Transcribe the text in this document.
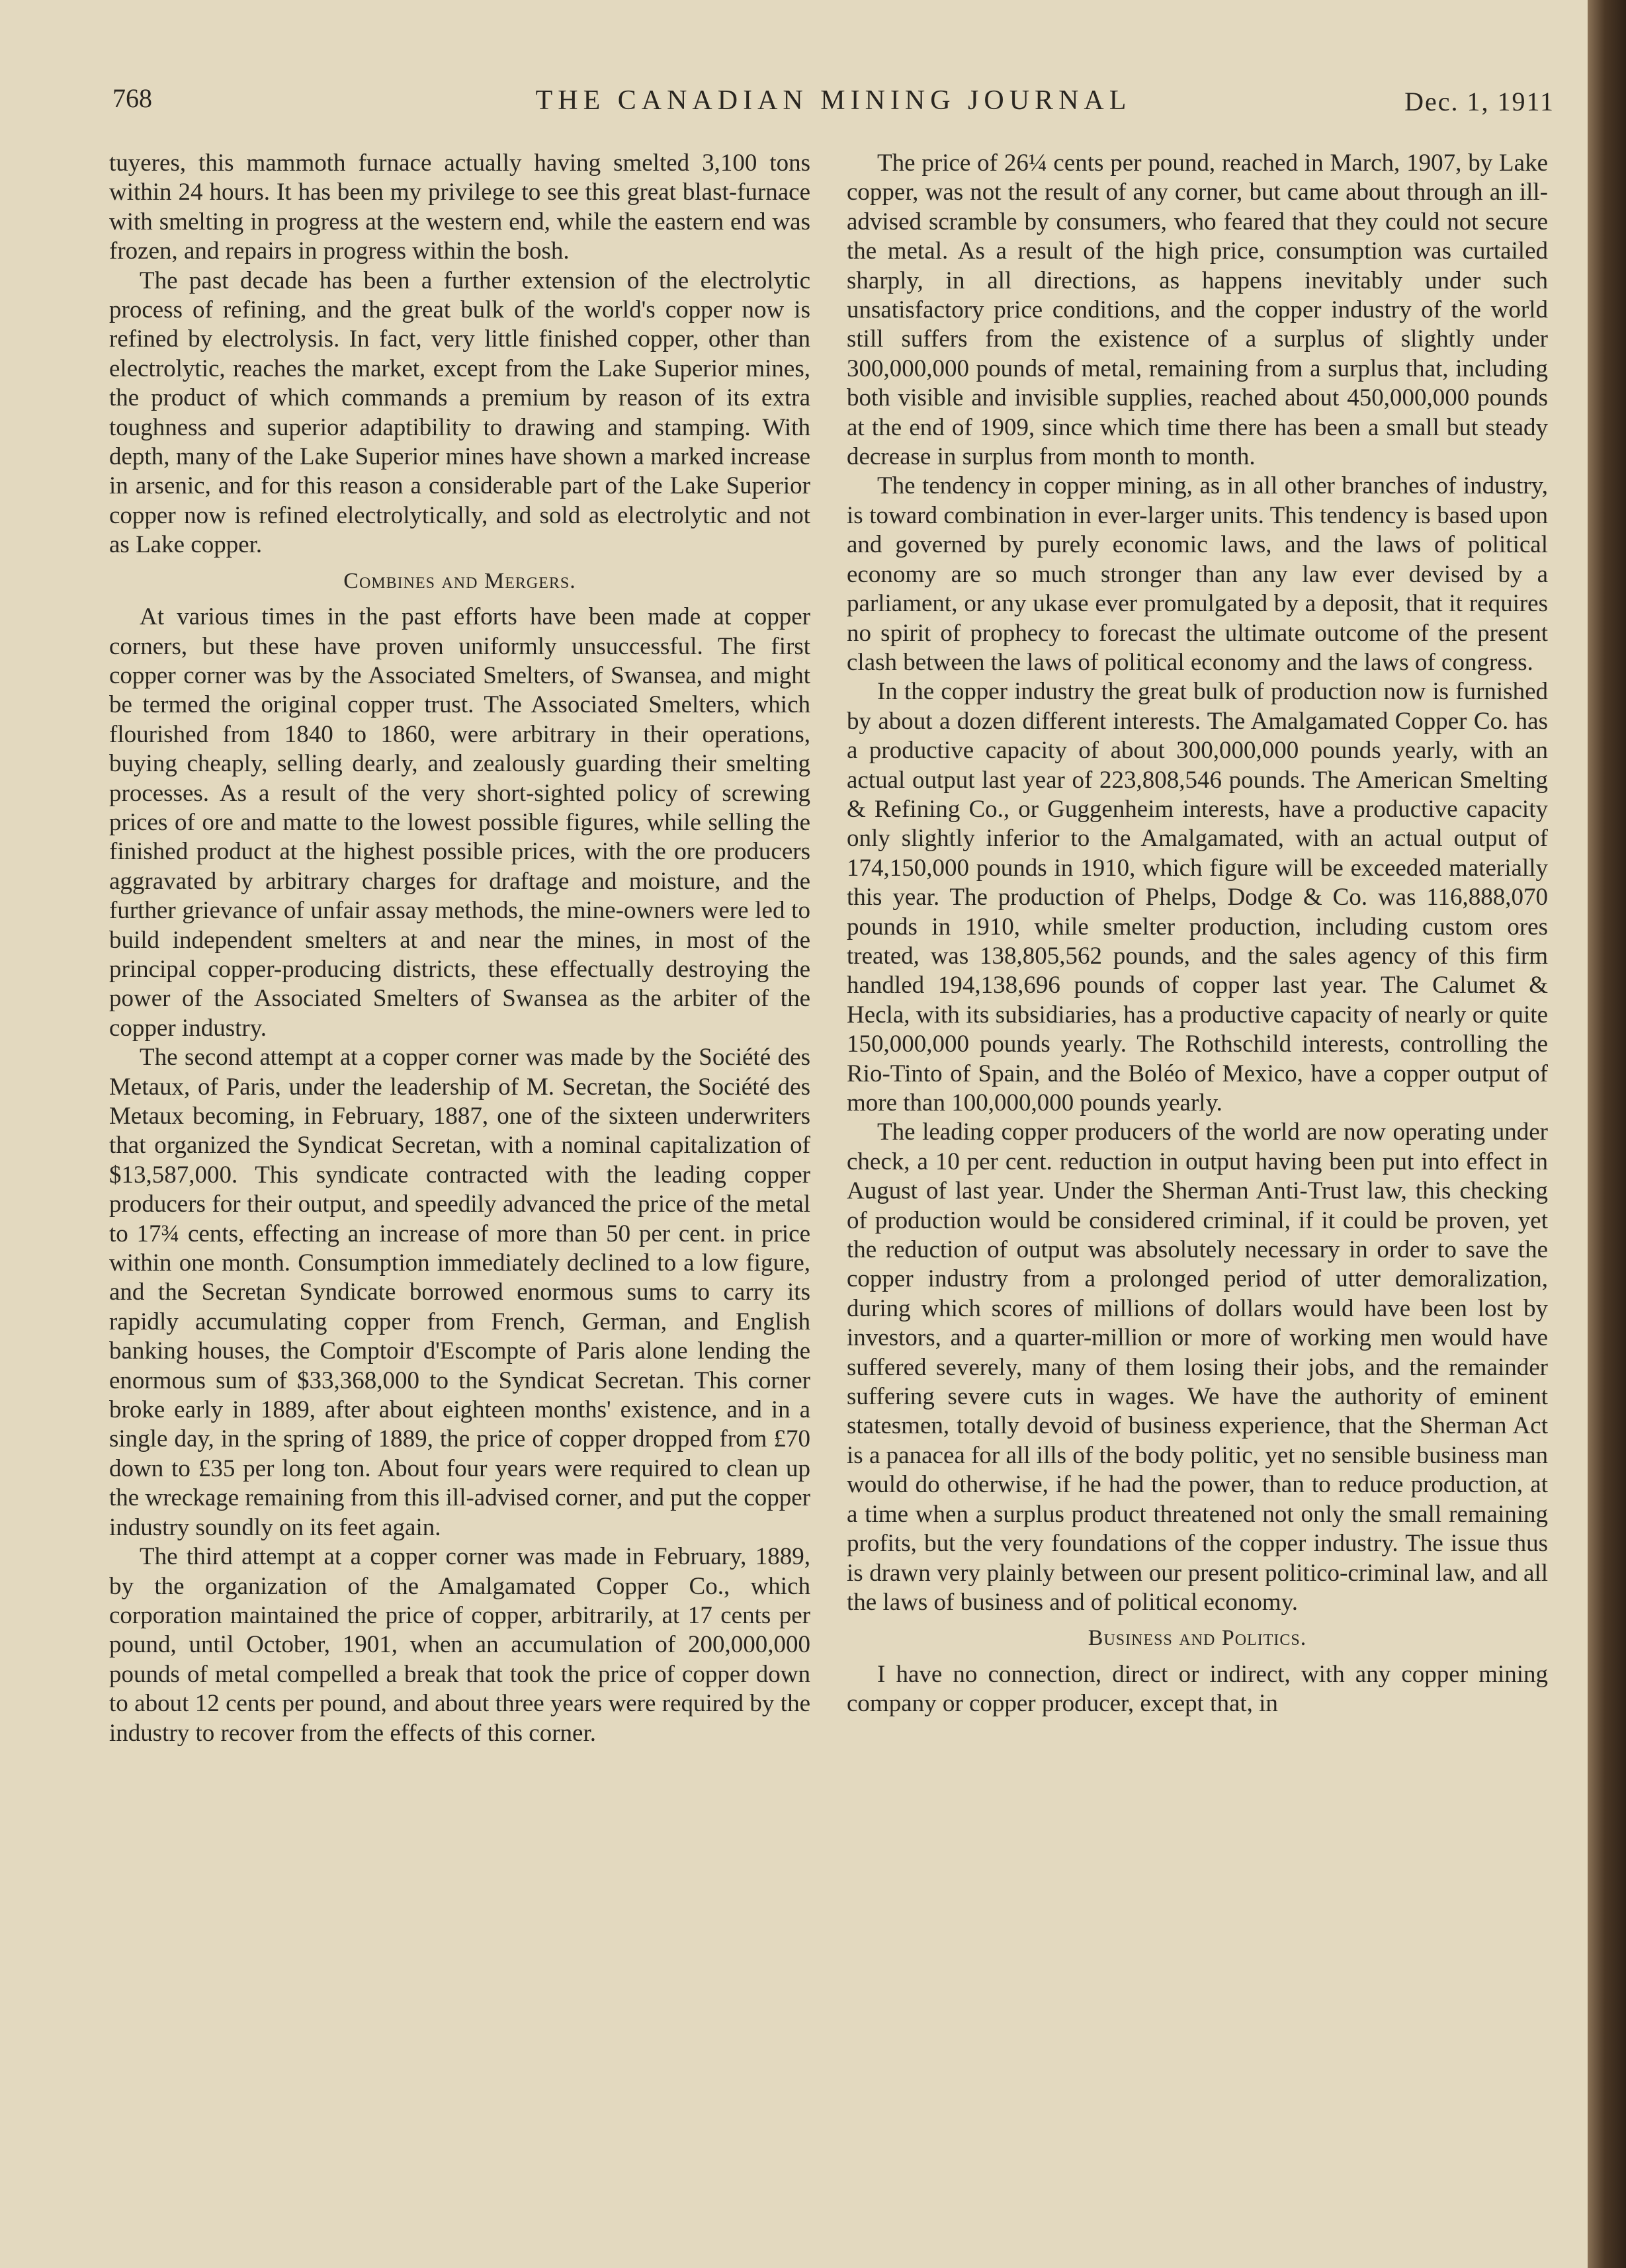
768	THE CANADIAN MINING JOURNAL	Dec. 1, 1911

tuyeres, this mammoth furnace actually having smelted 3,100 tons within 24 hours. It has been my privilege to see this great blast-furnace with smelting in progress at the western end, while the eastern end was frozen, and repairs in progress within the bosh.

The past decade has been a further extension of the electrolytic process of refining, and the great bulk of the world's copper now is refined by electrolysis. In fact, very little finished copper, other than electrolytic, reaches the market, except from the Lake Superior mines, the product of which commands a premium by reason of its extra toughness and superior adaptibility to drawing and stamping. With depth, many of the Lake Superior mines have shown a marked increase in arsenic, and for this reason a considerable part of the Lake Superior copper now is refined electrolytically, and sold as electrolytic and not as Lake copper.

Combines and Mergers.

At various times in the past efforts have been made at copper corners, but these have proven uniformly unsuccessful. The first copper corner was by the Associated Smelters, of Swansea, and might be termed the original copper trust. The Associated Smelters, which flourished from 1840 to 1860, were arbitrary in their operations, buying cheaply, selling dearly, and zealously guarding their smelting processes. As a result of the very short-sighted policy of screwing prices of ore and matte to the lowest possible figures, while selling the finished product at the highest possible prices, with the ore producers aggravated by arbitrary charges for draftage and moisture, and the further grievance of unfair assay methods, the mine-owners were led to build independent smelters at and near the mines, in most of the principal copper-producing districts, these effectually destroying the power of the Associated Smelters of Swansea as the arbiter of the copper industry.

The second attempt at a copper corner was made by the Société des Metaux, of Paris, under the leadership of M. Secretan, the Société des Metaux becoming, in February, 1887, one of the sixteen underwriters that organized the Syndicat Secretan, with a nominal capitalization of $13,587,000. This syndicate contracted with the leading copper producers for their output, and speedily advanced the price of the metal to 17¾ cents, effecting an increase of more than 50 per cent. in price within one month. Consumption immediately declined to a low figure, and the Secretan Syndicate borrowed enormous sums to carry its rapidly accumulating copper from French, German, and English banking houses, the Comptoir d'Escompte of Paris alone lending the enormous sum of $33,368,000 to the Syndicat Secretan. This corner broke early in 1889, after about eighteen months' existence, and in a single day, in the spring of 1889, the price of copper dropped from £70 down to £35 per long ton. About four years were required to clean up the wreckage remaining from this ill-advised corner, and put the copper industry soundly on its feet again.

The third attempt at a copper corner was made in February, 1889, by the organization of the Amalgamated Copper Co., which corporation maintained the price of copper, arbitrarily, at 17 cents per pound, until October, 1901, when an accumulation of 200,000,000 pounds of metal compelled a break that took the price of copper down to about 12 cents per pound, and about three years were required by the industry to recover from the effects of this corner.

The price of 26¼ cents per pound, reached in March, 1907, by Lake copper, was not the result of any corner, but came about through an ill-advised scramble by consumers, who feared that they could not secure the metal. As a result of the high price, consumption was curtailed sharply, in all directions, as happens inevitably under such unsatisfactory price conditions, and the copper industry of the world still suffers from the existence of a surplus of slightly under 300,000,000 pounds of metal, remaining from a surplus that, including both visible and invisible supplies, reached about 450,000,000 pounds at the end of 1909, since which time there has been a small but steady decrease in surplus from month to month.

The tendency in copper mining, as in all other branches of industry, is toward combination in ever-larger units. This tendency is based upon and governed by purely economic laws, and the laws of political economy are so much stronger than any law ever devised by a parliament, or any ukase ever promulgated by a deposit, that it requires no spirit of prophecy to forecast the ultimate outcome of the present clash between the laws of political economy and the laws of congress.

In the copper industry the great bulk of production now is furnished by about a dozen different interests. The Amalgamated Copper Co. has a productive capacity of about 300,000,000 pounds yearly, with an actual output last year of 223,808,546 pounds. The American Smelting & Refining Co., or Guggenheim interests, have a productive capacity only slightly inferior to the Amalgamated, with an actual output of 174,150,000 pounds in 1910, which figure will be exceeded materially this year. The production of Phelps, Dodge & Co. was 116,888,070 pounds in 1910, while smelter production, including custom ores treated, was 138,805,562 pounds, and the sales agency of this firm handled 194,138,696 pounds of copper last year. The Calumet & Hecla, with its subsidiaries, has a productive capacity of nearly or quite 150,000,000 pounds yearly. The Rothschild interests, controlling the Rio-Tinto of Spain, and the Boléo of Mexico, have a copper output of more than 100,000,000 pounds yearly.

The leading copper producers of the world are now operating under check, a 10 per cent. reduction in output having been put into effect in August of last year. Under the Sherman Anti-Trust law, this checking of production would be considered criminal, if it could be proven, yet the reduction of output was absolutely necessary in order to save the copper industry from a prolonged period of utter demoralization, during which scores of millions of dollars would have been lost by investors, and a quarter-million or more of working men would have suffered severely, many of them losing their jobs, and the remainder suffering severe cuts in wages. We have the authority of eminent statesmen, totally devoid of business experience, that the Sherman Act is a panacea for all ills of the body politic, yet no sensible business man would do otherwise, if he had the power, than to reduce production, at a time when a surplus product threatened not only the small remaining profits, but the very foundations of the copper industry. The issue thus is drawn very plainly between our present politico-criminal law, and all the laws of business and of political economy.

Business and Politics.

I have no connection, direct or indirect, with any copper mining company or copper producer, except that, in
